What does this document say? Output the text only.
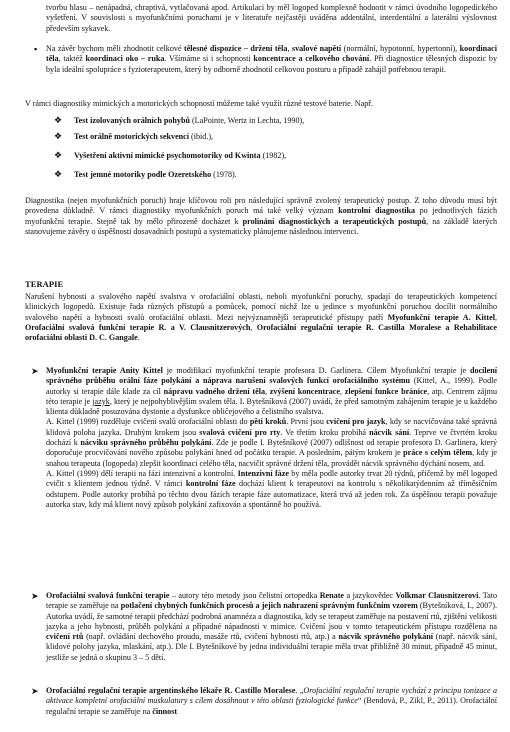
tvorbu hlasu – nenápadná, chraptivá, vytlačovaná apod. Artikulaci by měl logoped komplexně hodnotit v rámci úvodního logopedického vyšetření. V souvislosti s myofunkčními poruchami je v literatuře nejčastěji uváděna addentální, interdentální a laterální výslovnost především sykavek.

▪ Na závěr bychom měli zhodnotit celkové tělesné dispozice – držení těla, svalové napětí (normální, hypotonní, hypertonní), koordinaci těla, taktéž koordinaci oko – ruka. Všímáme si i schopnosti koncentrace a celkového chování. Při diagnostice tělesných dispozic by byla ideální spolupráce s fyzioterapeutem, který by odborně zhodnotil celkovou posturu a případě zahájil potřebnou terapii.

V rámci diagnostiky mimických a motorických schopností můžeme také využít různé testové baterie. Např.

❖ Test izolovaných orálních pohybů (LaPointe, Wertz in Lechta, 1990),
❖ Test orálně motorických sekvencí (ibid.),
❖ Vyšetření aktivní mimické psychomotoriky od Kwinta (1982),
❖ Test jemné motoriky podle Ozeretského (1978).

Diagnostika (nejen myofunkčních poruch) hraje klíčovou roli pro následující správně zvolený terapeutický postup. Z toho důvodu musí být provedena důkladně. V rámci diagnostiky myofunkčních poruch má také velký význam kontrolní diagnostika po jednotlivých fázích myofunkční terapie. Stejně tak by mělo přirozeně docházet k prolínání diagnostických a terapeutických postupů, na základě kterých stanovujeme závěry o úspěšnosti dosavadních postupů a systematicky plánujeme následnou intervenci.

TERAPIE

Narušení hybnosti a svalového napětí svalstva v orofaciální oblasti, neboli myofunkční poruchy, spadají do terapeutických kompetencí klinických logopedů. Existuje řada různých přístupů a pomůcek, pomocí nichž lze u jedince s myofunkční poruchou docílit normálního svalového napětí a hybnosti svalů orofaciální oblasti. Mezi nejvýznamnější terapeutické přístupy patří Myofunkční terapie A. Kittel, Orofaciální svalová funkční terapie R. a V. Clausnitzerových, Orofaciální regulační terapie R. Castilla Moralese a Rehabilitace orofaciální oblasti D. C. Gangale.

➤ Myofunkční terapie Anity Kittel je modifikací myofunkční terapie profesora D. Garlinera. Cílem Myofunkční terapie je docílení správného průběhu orální fáze polykání a náprava narušení svalových funkcí orofaciálního systému (Kittel, A., 1999). Podle autorky si terapie dále klade za cíl nápravu vadného držení těla, zvýšení koncentrace, zlepšení funkce bránice, atp. Centrem zájmu této terapie je jazyk, který je nejpohyblivějším svalem těla. I. Bytešníková (2007) uvádí, že před samotným zahájením terapie je u každého klienta důkladně posuzována dystonie a dysfunkce obličejového a čelistního svalstva.
A. Kittel (1999) rozděluje cvičení svalů orofaciální oblasti do pěti kroků. První jsou cvičení pro jazyk, kdy se nacvičována také správná klidová poloha jazyka. Druhým krokem jsou svalová cvičení pro rty. Ve třetím kroku probíhá nácvik sání. Teprve ve čtvrtém kroku dochází k nácviku správného průběhu polykání. Zde je podle I. Bytešníkové (2007) odlišnost od terapie profesora D. Garlinera, který doporučuje procvičování nového způsobu polykání hned od počátku terapie. A posledním, pátým krokem je práce s celým tělem, kdy je snahou terapeuta (logopeda) zlepšit koordinaci celého těla, nacvičit správné držení těla, provádět nácvik správného dýchání nosem, atd.
A. Kittel (1999) dělí terapii na fázi intenzivní a kontrolní. Intenzivní fáze by měla podle autorky trvat 20 týdnů, přičemž by měl logoped cvičit s klientem jednou týdně. V rámci kontrolní fáze dochází klient k terapeutovi na kontrolu s několikatýdenním až tříměsíčním odstupem. Podle autorky probíhá po těchto dvou fázích terapie fáze automatizace, která trvá až jeden rok. Za úspěšnou terapii považuje autorka stav, kdy má klient nový způsob polykání zafixován a spontánně ho používá.

➤ Orofaciální svalová funkční terapie – autory této metody jsou čelistní ortopedka Renate a jazykovědec Volkmar Clausnitzerovi. Tato terapie se zaměřuje na potlačení chybných funkčních procesů a jejich nahrazení správným funkčním vzorem (Bytešníková, I., 2007). Autorka uvádí, že samotné terapii předchází podrobná anamnéza a diagnostika, kdy se terapeut zaměřuje na postavení rtů, zjištění velikosti jazyka a jeho hybnosti, průběh polykání a případné nápadnosti v mimice. Cvičení jsou v tomto terapeutickém přístupu rozdělena na cvičení rtů (např. ovládání dechového proudu, masáže rtů, cvičení hybnosti rtů, atp.) a nácvik správného polykání (např. nácvik sání, klidové polohy jazyka, mlaskání, atp.). Dle I. Bytešníkové by jedna individuální terapie měla trvat přibližně 30 minut, případně 45 minut, jestliže se jedná o skupinu 3 – 5 dětí.

➤ Orofaciální regulační terapie argentinského lékaře R. Castillo Moralese. „Orofaciální regulační terapie vychází z principu tonizace a aktivace kompletní orofaciální muskulatury s cílem dosáhnout v této oblasti fyziologické funkce“ (Bendová, P., Zikl, P., 2011). Orofaciální regulační terapie se zaměřuje na činnost
